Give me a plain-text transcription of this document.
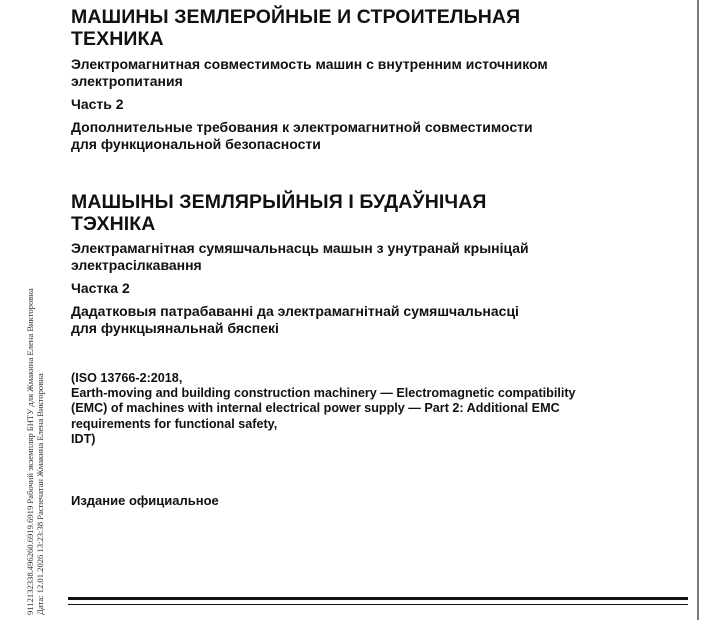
9112132338.496260.6919.6919 Рабочий экземпляр БНТУ для Жмакина Елена Викторовна Дата: 12.01.2026 13:23:38 Распечатан Жмакина Елена Викторовна

МАШИНЫ ЗЕМЛЕРОЙНЫЕ И СТРОИТЕЛЬНАЯ

ТЕХНИКА

Электромагнитная совместимость машин с внутренним источником

электропитания

Часть 2

Дополнительные требования к электромагнитной совместимости

для функциональной безопасности

МАШЫНЫ ЗЕМЛЯРЫЙНЫЯ І БУДАЎНІЧАЯ

ТЭХНІКА

Электрамагнітная сумяшчальнасць машын з унутранай крыніцай

электрасілкавання

Частка 2

Дадатковыя патрабаванні да электрамагнітнай сумяшчальнасці

для функцыянальнай бяспекі

(ISO 13766-2:2018,

Earth-moving and building construction machinery — Electromagnetic compatibility

(EMC) of machines with internal electrical power supply — Part 2: Additional EMC

requirements for functional safety,

IDT)

Издание официальное
